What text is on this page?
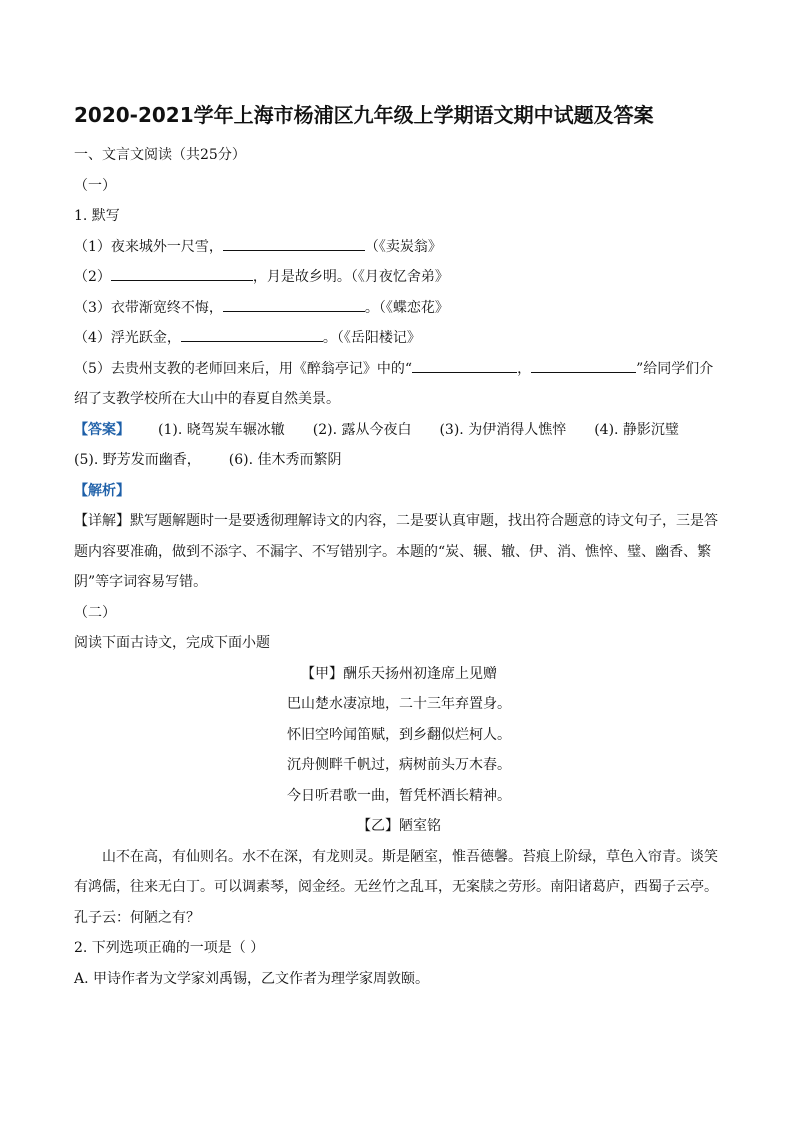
2020-2021学年上海市杨浦区九年级上学期语文期中试题及答案
一、文言文阅读（共25分）
（一）
1. 默写
（1）夜来城外一尺雪，	（《卖炭翁》
（2）	，月是故乡明。（《月夜忆舍弟》
（3）衣带渐宽终不悔，	。（《蝶恋花》
（4）浮光跃金，	。（《岳阳楼记》
（5）去贵州支教的老师回来后，用《醉翁亭记》中的“	，	”给同学们介
绍了支教学校所在大山中的春夏自然美景。
【答案】 (1). 晓驾炭车辗冰辙 (2). 露从今夜白 (3). 为伊消得人憔悴 (4). 静影沉璧
(5). 野芳发而幽香， (6). 佳木秀而繁阴
【解析】
【详解】默写题解题时一是要透彻理解诗文的内容，二是要认真审题，找出符合题意的诗文句子，三是答题内容要准确，做到不添字、不漏字、不写错别字。本题的“炭、辗、辙、伊、消、憔悴、璧、幽香、繁阴”等字词容易写错。
（二）
阅读下面古诗文，完成下面小题
【甲】酬乐天扬州初逢席上见赠
巴山楚水凄凉地，二十三年弃置身。
怀旧空吟闻笛赋，到乡翻似烂柯人。
沉舟侧畔千帆过，病树前头万木春。
今日听君歌一曲，暂凭杯酒长精神。
【乙】陋室铭
山不在高，有仙则名。水不在深，有龙则灵。斯是陋室，惟吾德馨。苔痕上阶绿，草色入帘青。谈笑有鸿儒，往来无白丁。可以调素琴，阅金经。无丝竹之乱耳，无案牍之劳形。南阳诸葛庐，西蜀子云亭。孔子云：何陋之有？
2. 下列选项正确的一项是（ ）
A. 甲诗作者为文学家刘禹锡，乙文作者为理学家周敦颐。
